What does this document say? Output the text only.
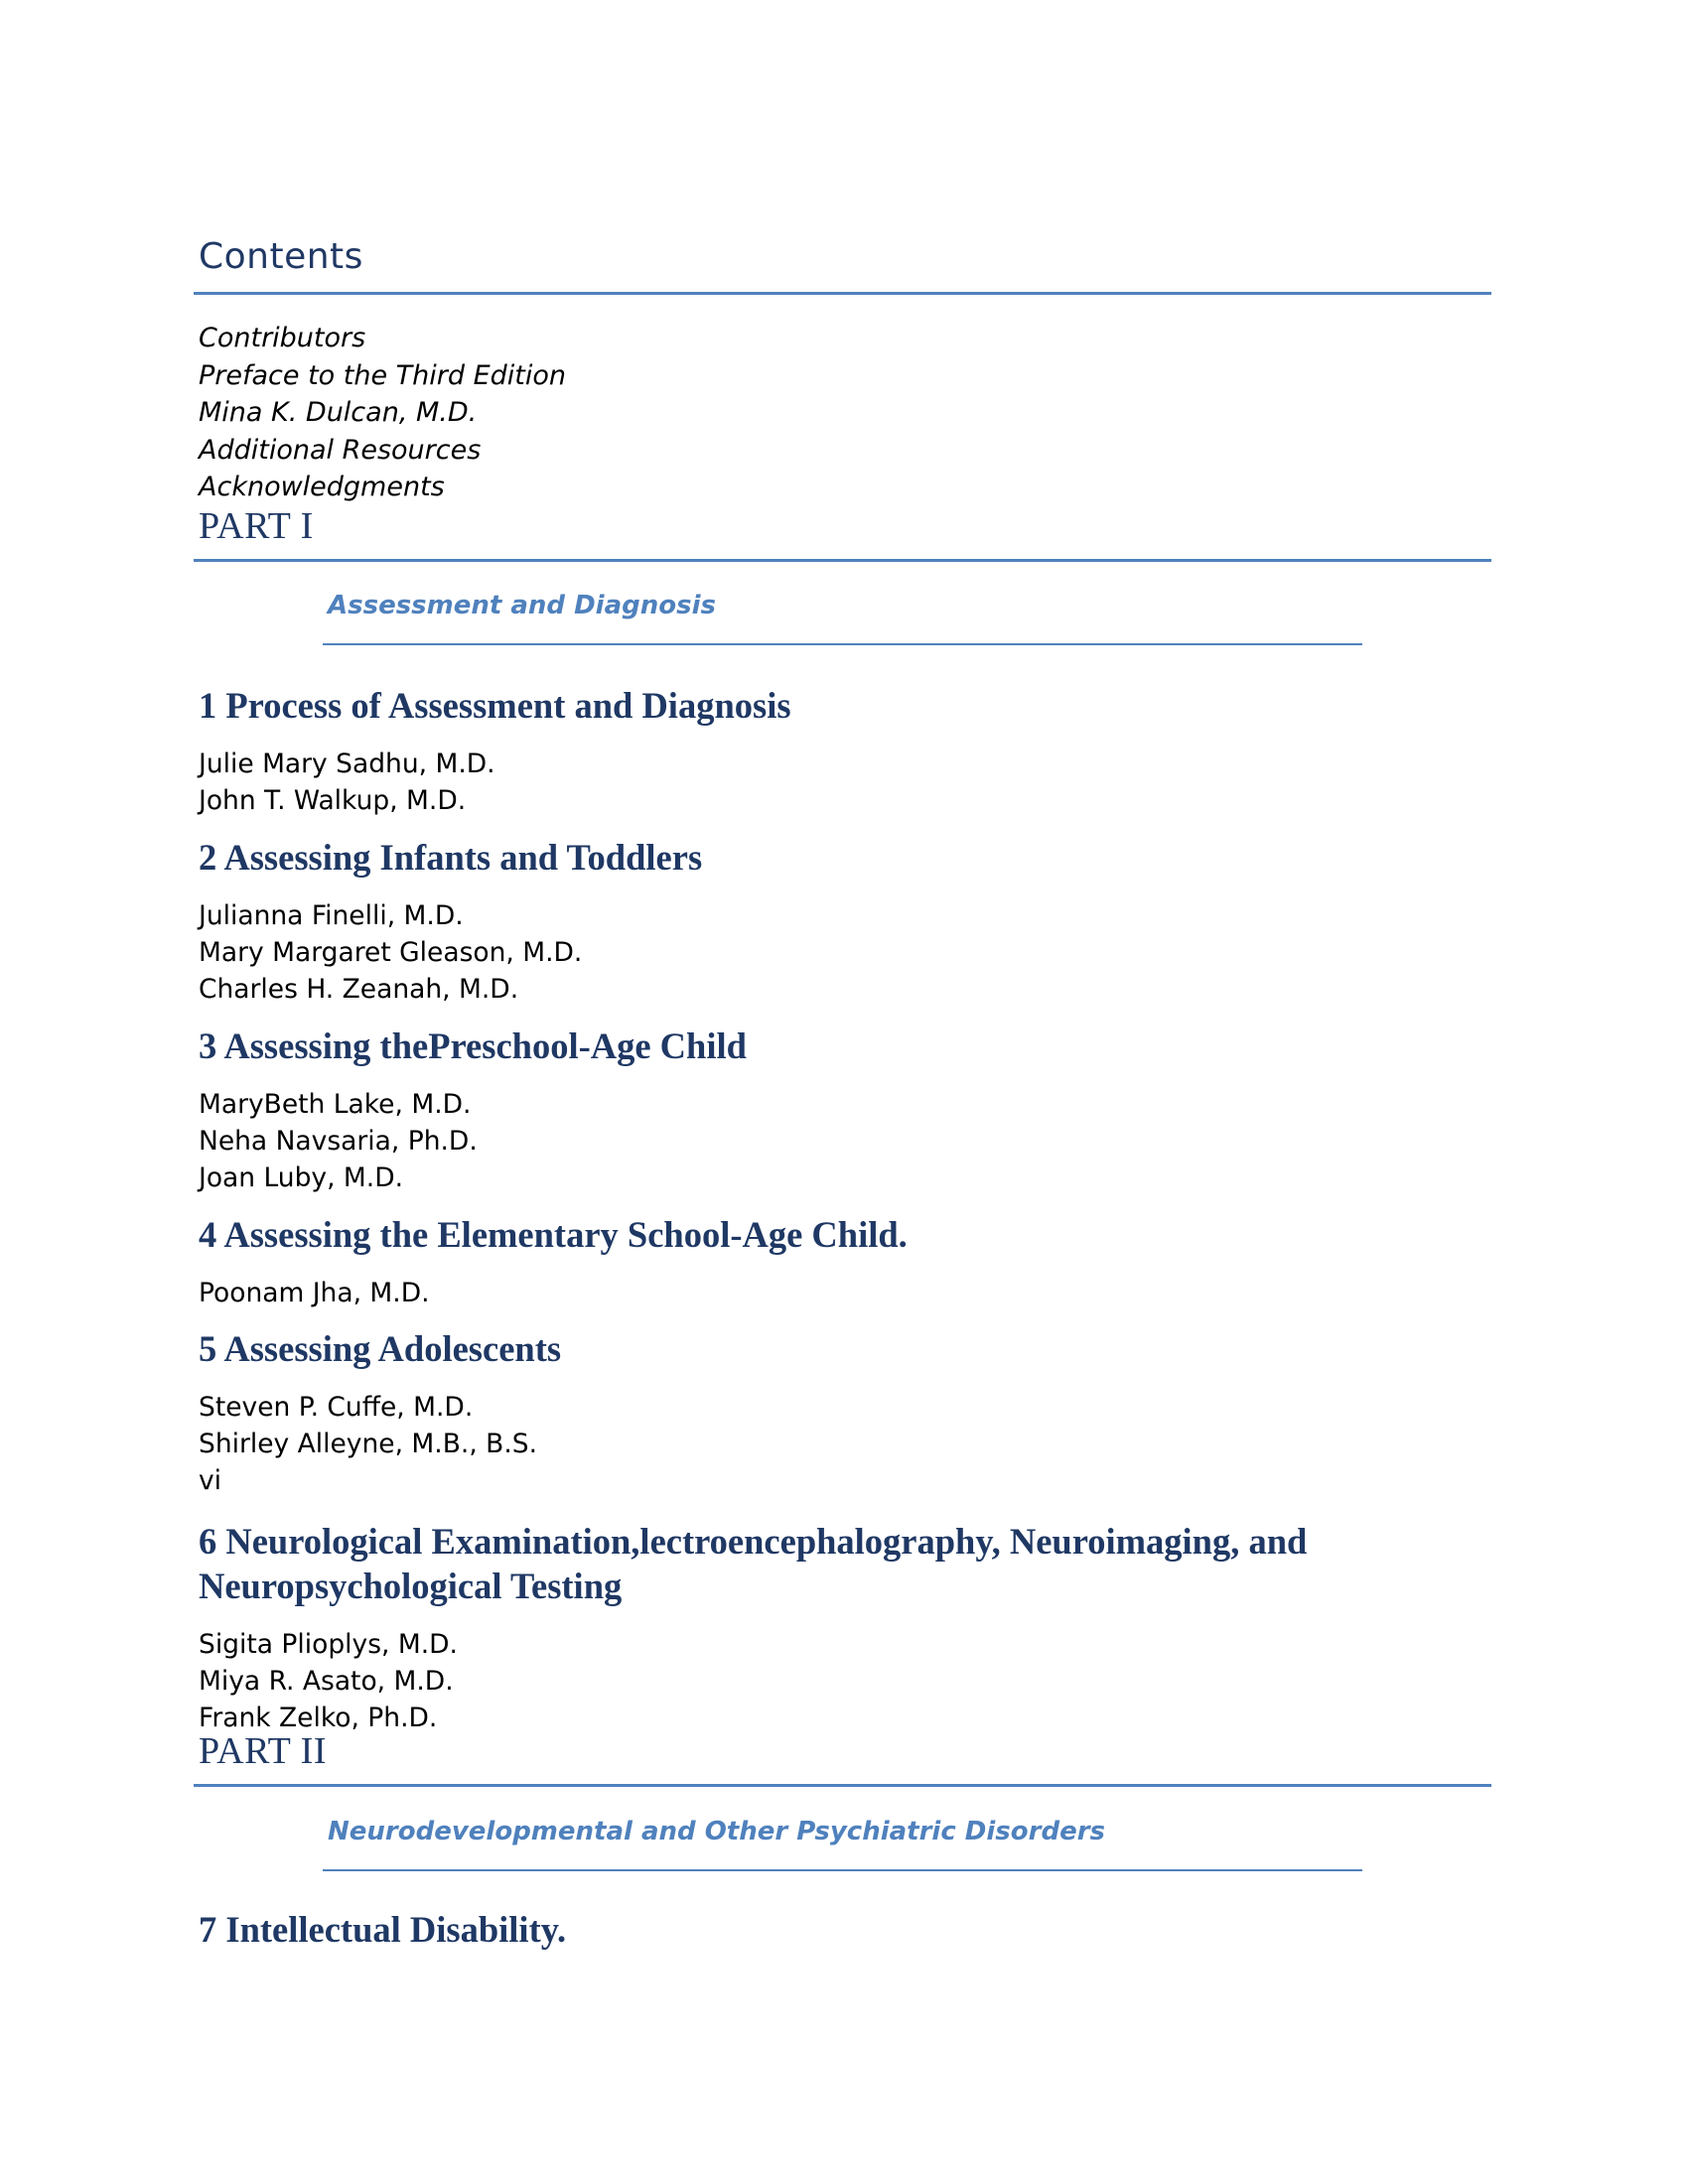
Contents
Contributors
Preface to the Third Edition
Mina K. Dulcan, M.D.
Additional Resources
Acknowledgments
PART I
Assessment and Diagnosis
1 Process of Assessment and Diagnosis
Julie Mary Sadhu, M.D.
John T. Walkup, M.D.
2 Assessing Infants and Toddlers
Julianna Finelli, M.D.
Mary Margaret Gleason, M.D.
Charles H. Zeanah, M.D.
3 Assessing thePreschool-Age Child
MaryBeth Lake, M.D.
Neha Navsaria, Ph.D.
Joan Luby, M.D.
4 Assessing the Elementary School-Age Child.
Poonam Jha, M.D.
5 Assessing Adolescents
Steven P. Cuffe, M.D.
Shirley Alleyne, M.B., B.S.
vi
6 Neurological Examination,lectroencephalography, Neuroimaging, and
Neuropsychological Testing
Sigita Plioplys, M.D.
Miya R. Asato, M.D.
Frank Zelko, Ph.D.
PART II
Neurodevelopmental and Other Psychiatric Disorders
7 Intellectual Disability.
